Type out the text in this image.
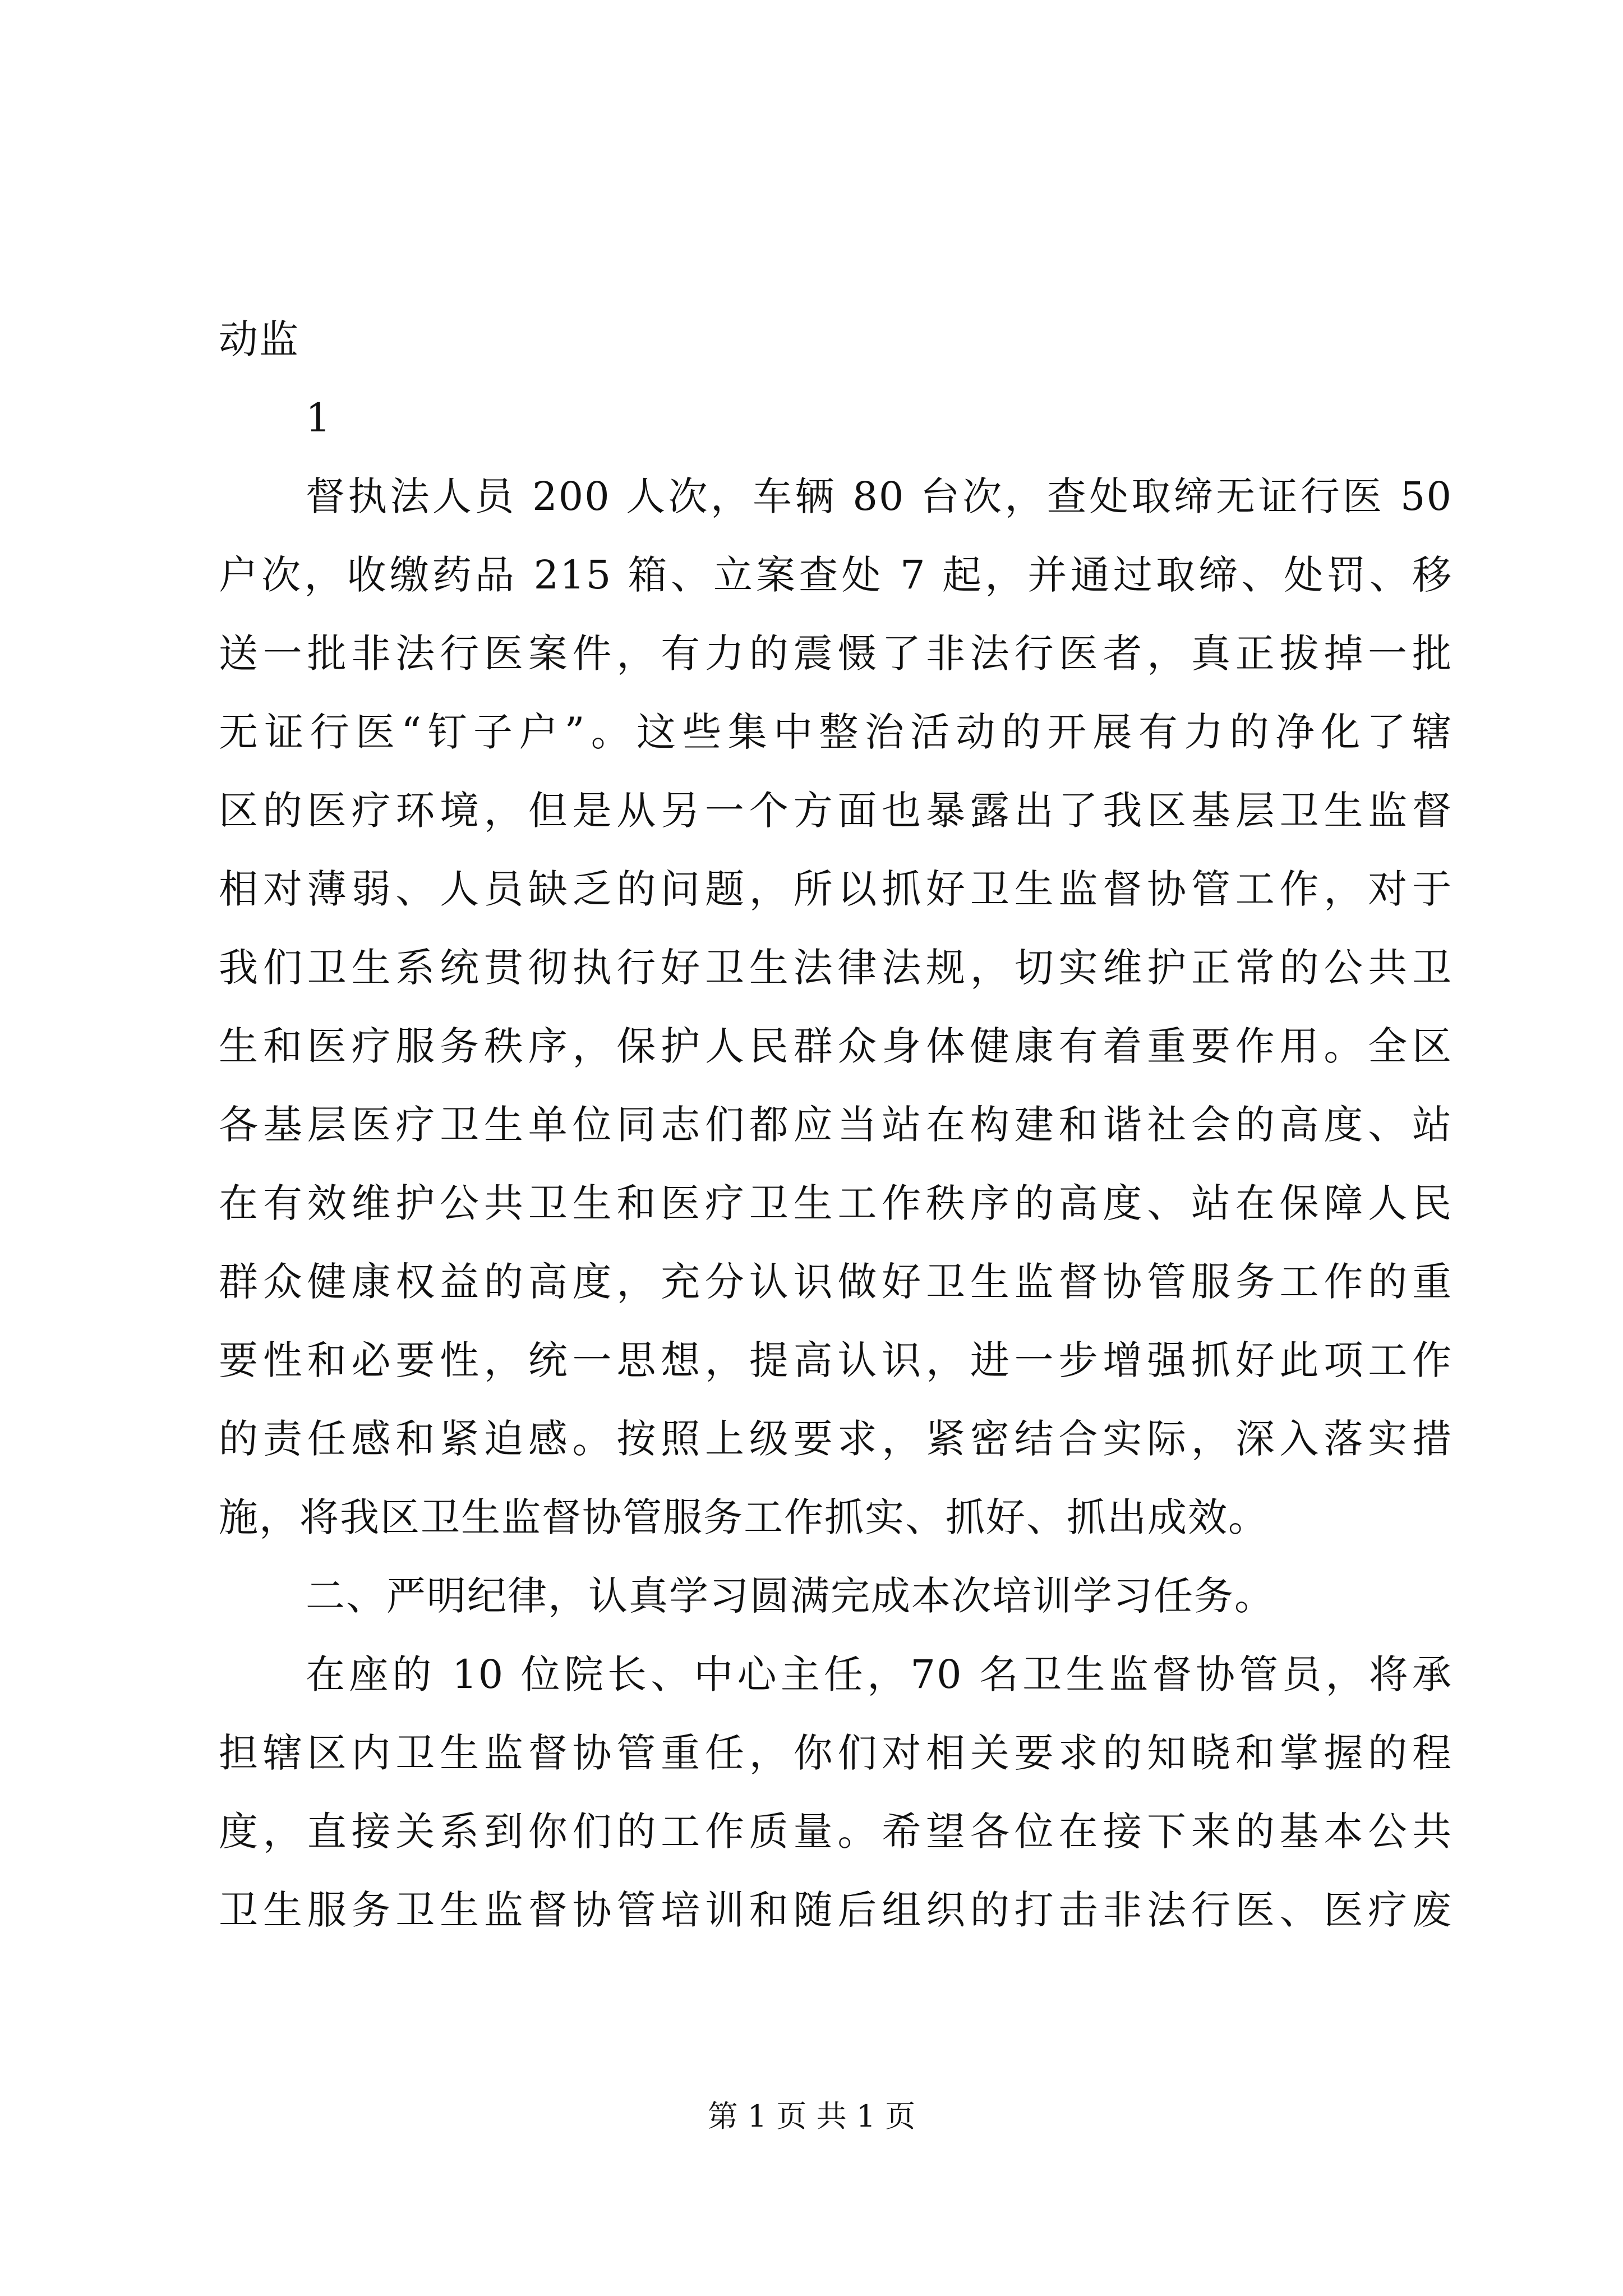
动监
1
督执法人员 200 人次，车辆 80 台次，查处取缔无证行医 50
户次，收缴药品 215 箱、立案查处 7 起，并通过取缔、处罚、移
送一批非法行医案件，有力的震慑了非法行医者，真正拔掉一批
无证行医“钉子户”。这些集中整治活动的开展有力的净化了辖
区的医疗环境，但是从另一个方面也暴露出了我区基层卫生监督
相对薄弱、人员缺乏的问题，所以抓好卫生监督协管工作，对于
我们卫生系统贯彻执行好卫生法律法规，切实维护正常的公共卫
生和医疗服务秩序，保护人民群众身体健康有着重要作用。全区
各基层医疗卫生单位同志们都应当站在构建和谐社会的高度、站
在有效维护公共卫生和医疗卫生工作秩序的高度、站在保障人民
群众健康权益的高度，充分认识做好卫生监督协管服务工作的重
要性和必要性，统一思想，提高认识，进一步增强抓好此项工作
的责任感和紧迫感。按照上级要求，紧密结合实际，深入落实措
施，将我区卫生监督协管服务工作抓实、抓好、抓出成效。
二、严明纪律，认真学习圆满完成本次培训学习任务。
在座的 10 位院长、中心主任，70 名卫生监督协管员，将承
担辖区内卫生监督协管重任，你们对相关要求的知晓和掌握的程
度，直接关系到你们的工作质量。希望各位在接下来的基本公共
卫生服务卫生监督协管培训和随后组织的打击非法行医、医疗废
第 1 页 共 1 页
